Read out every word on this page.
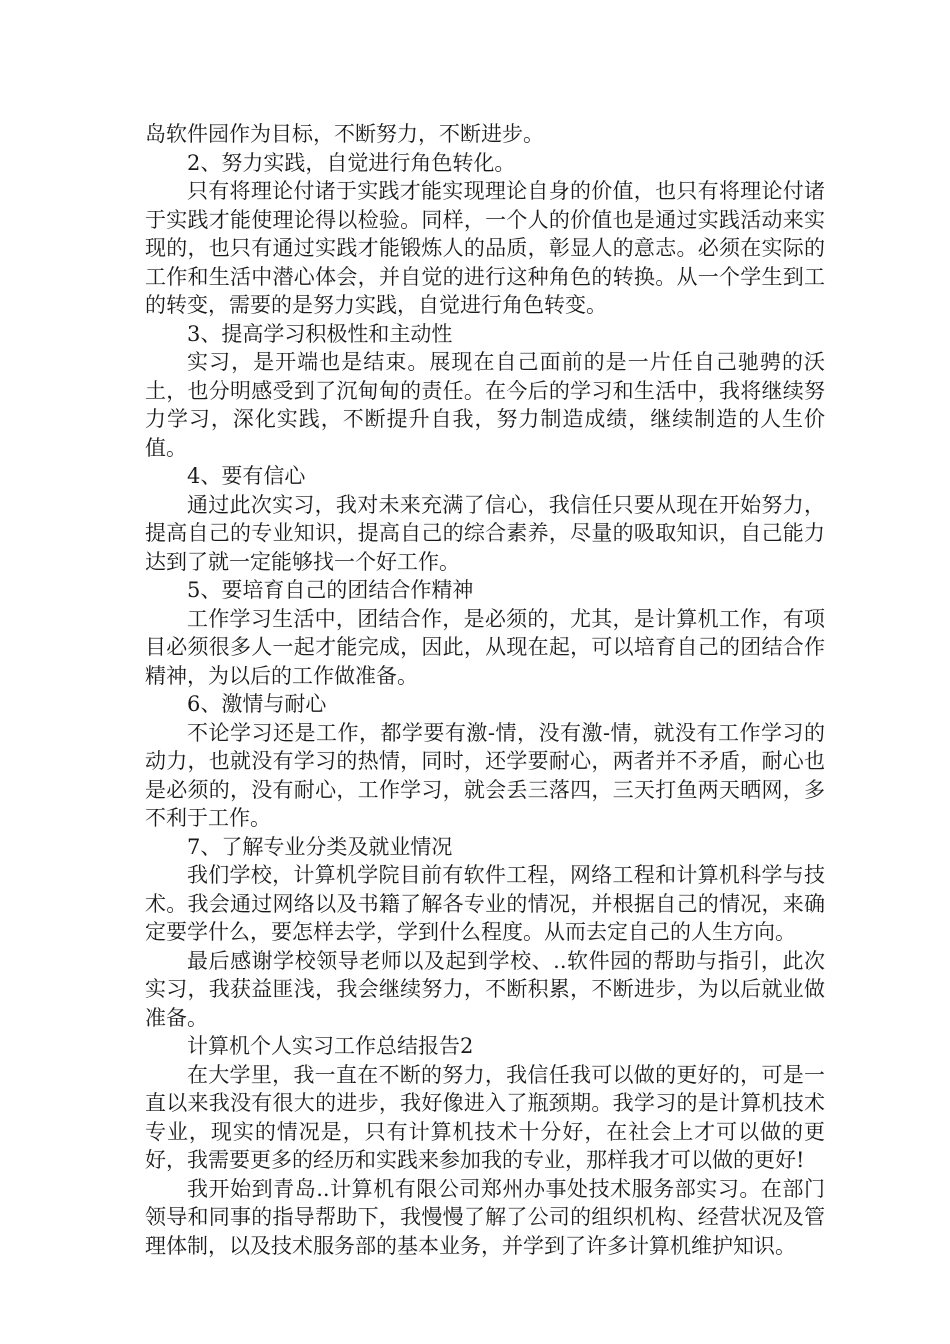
岛软件园作为目标，不断努力，不断进步。

2、努力实践，自觉进行角色转化。

只有将理论付诸于实践才能实现理论自身的价值，也只有将理论付诸于实践才能使理论得以检验。同样，一个人的价值也是通过实践活动来实现的，也只有通过实践才能锻炼人的品质，彰显人的意志。必须在实际的工作和生活中潜心体会，并自觉的进行这种角色的转换。从一个学生到工的转变，需要的是努力实践，自觉进行角色转变。

3、提高学习积极性和主动性

实习，是开端也是结束。展现在自己面前的是一片任自己驰骋的沃土，也分明感受到了沉甸甸的责任。在今后的学习和生活中，我将继续努力学习，深化实践，不断提升自我，努力制造成绩，继续制造的人生价值。

4、要有信心

通过此次实习，我对未来充满了信心，我信任只要从现在开始努力，提高自己的专业知识，提高自己的综合素养，尽量的吸取知识，自己能力达到了就一定能够找一个好工作。

5、要培育自己的团结合作精神

工作学习生活中，团结合作，是必须的，尤其，是计算机工作，有项目必须很多人一起才能完成，因此，从现在起，可以培育自己的团结合作精神，为以后的工作做准备。

6、激情与耐心

不论学习还是工作，都学要有激-情，没有激-情，就没有工作学习的动力，也就没有学习的热情，同时，还学要耐心，两者并不矛盾，耐心也是必须的，没有耐心，工作学习，就会丢三落四，三天打鱼两天晒网，多不利于工作。

7、了解专业分类及就业情况

我们学校，计算机学院目前有软件工程，网络工程和计算机科学与技术。我会通过网络以及书籍了解各专业的情况，并根据自己的情况，来确定要学什么，要怎样去学，学到什么程度。从而去定自己的人生方向。

最后感谢学校领导老师以及起到学校、..软件园的帮助与指引，此次实习，我获益匪浅，我会继续努力，不断积累，不断进步，为以后就业做准备。

计算机个人实习工作总结报告2

在大学里，我一直在不断的努力，我信任我可以做的更好的，可是一直以来我没有很大的进步，我好像进入了瓶颈期。我学习的是计算机技术专业，现实的情况是，只有计算机技术十分好，在社会上才可以做的更好，我需要更多的经历和实践来参加我的专业，那样我才可以做的更好!

我开始到青岛..计算机有限公司郑州办事处技术服务部实习。在部门领导和同事的指导帮助下，我慢慢了解了公司的组织机构、经营状况及管理体制，以及技术服务部的基本业务，并学到了许多计算机维护知识。
